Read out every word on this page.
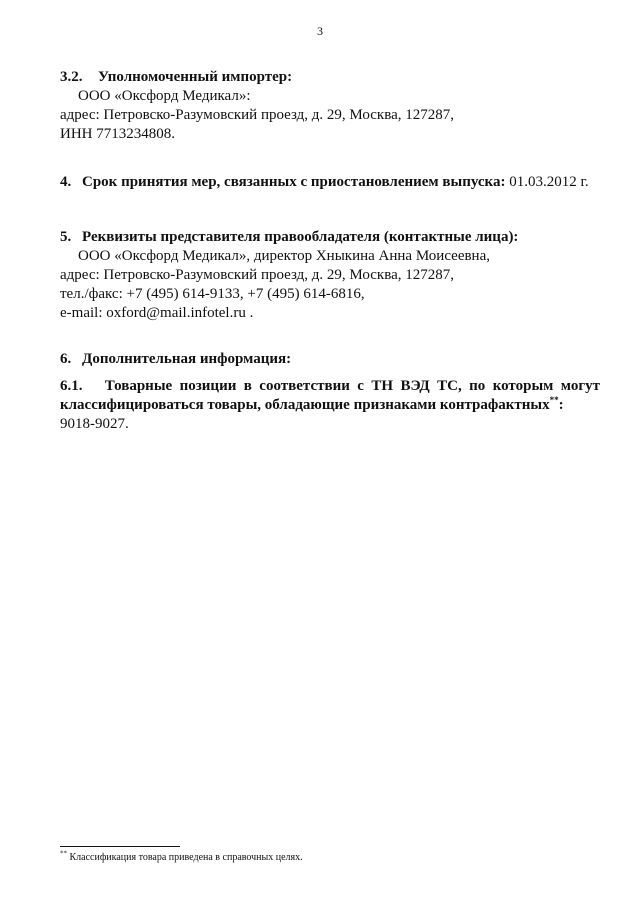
3
3.2. Уполномоченный импортер:
ООО «Оксфорд Медикал»:
адрес: Петровско-Разумовский проезд, д. 29, Москва, 127287,
ИНН 7713234808.
4. Срок принятия мер, связанных с приостановлением выпуска: 01.03.2012 г.
5. Реквизиты представителя правообладателя (контактные лица):
ООО «Оксфорд Медикал», директор Хныкина Анна Моисеевна,
адрес: Петровско-Разумовский проезд, д. 29, Москва, 127287,
тел./факс: +7 (495) 614-9133, +7 (495) 614-6816,
e-mail: oxford@mail.infotel.ru .
6. Дополнительная информация:
6.1. Товарные позиции в соответствии с ТН ВЭД ТС, по которым могут
классифицироваться товары, обладающие признаками контрафактных**:
9018-9027.
** Классификация товара приведена в справочных целях.
